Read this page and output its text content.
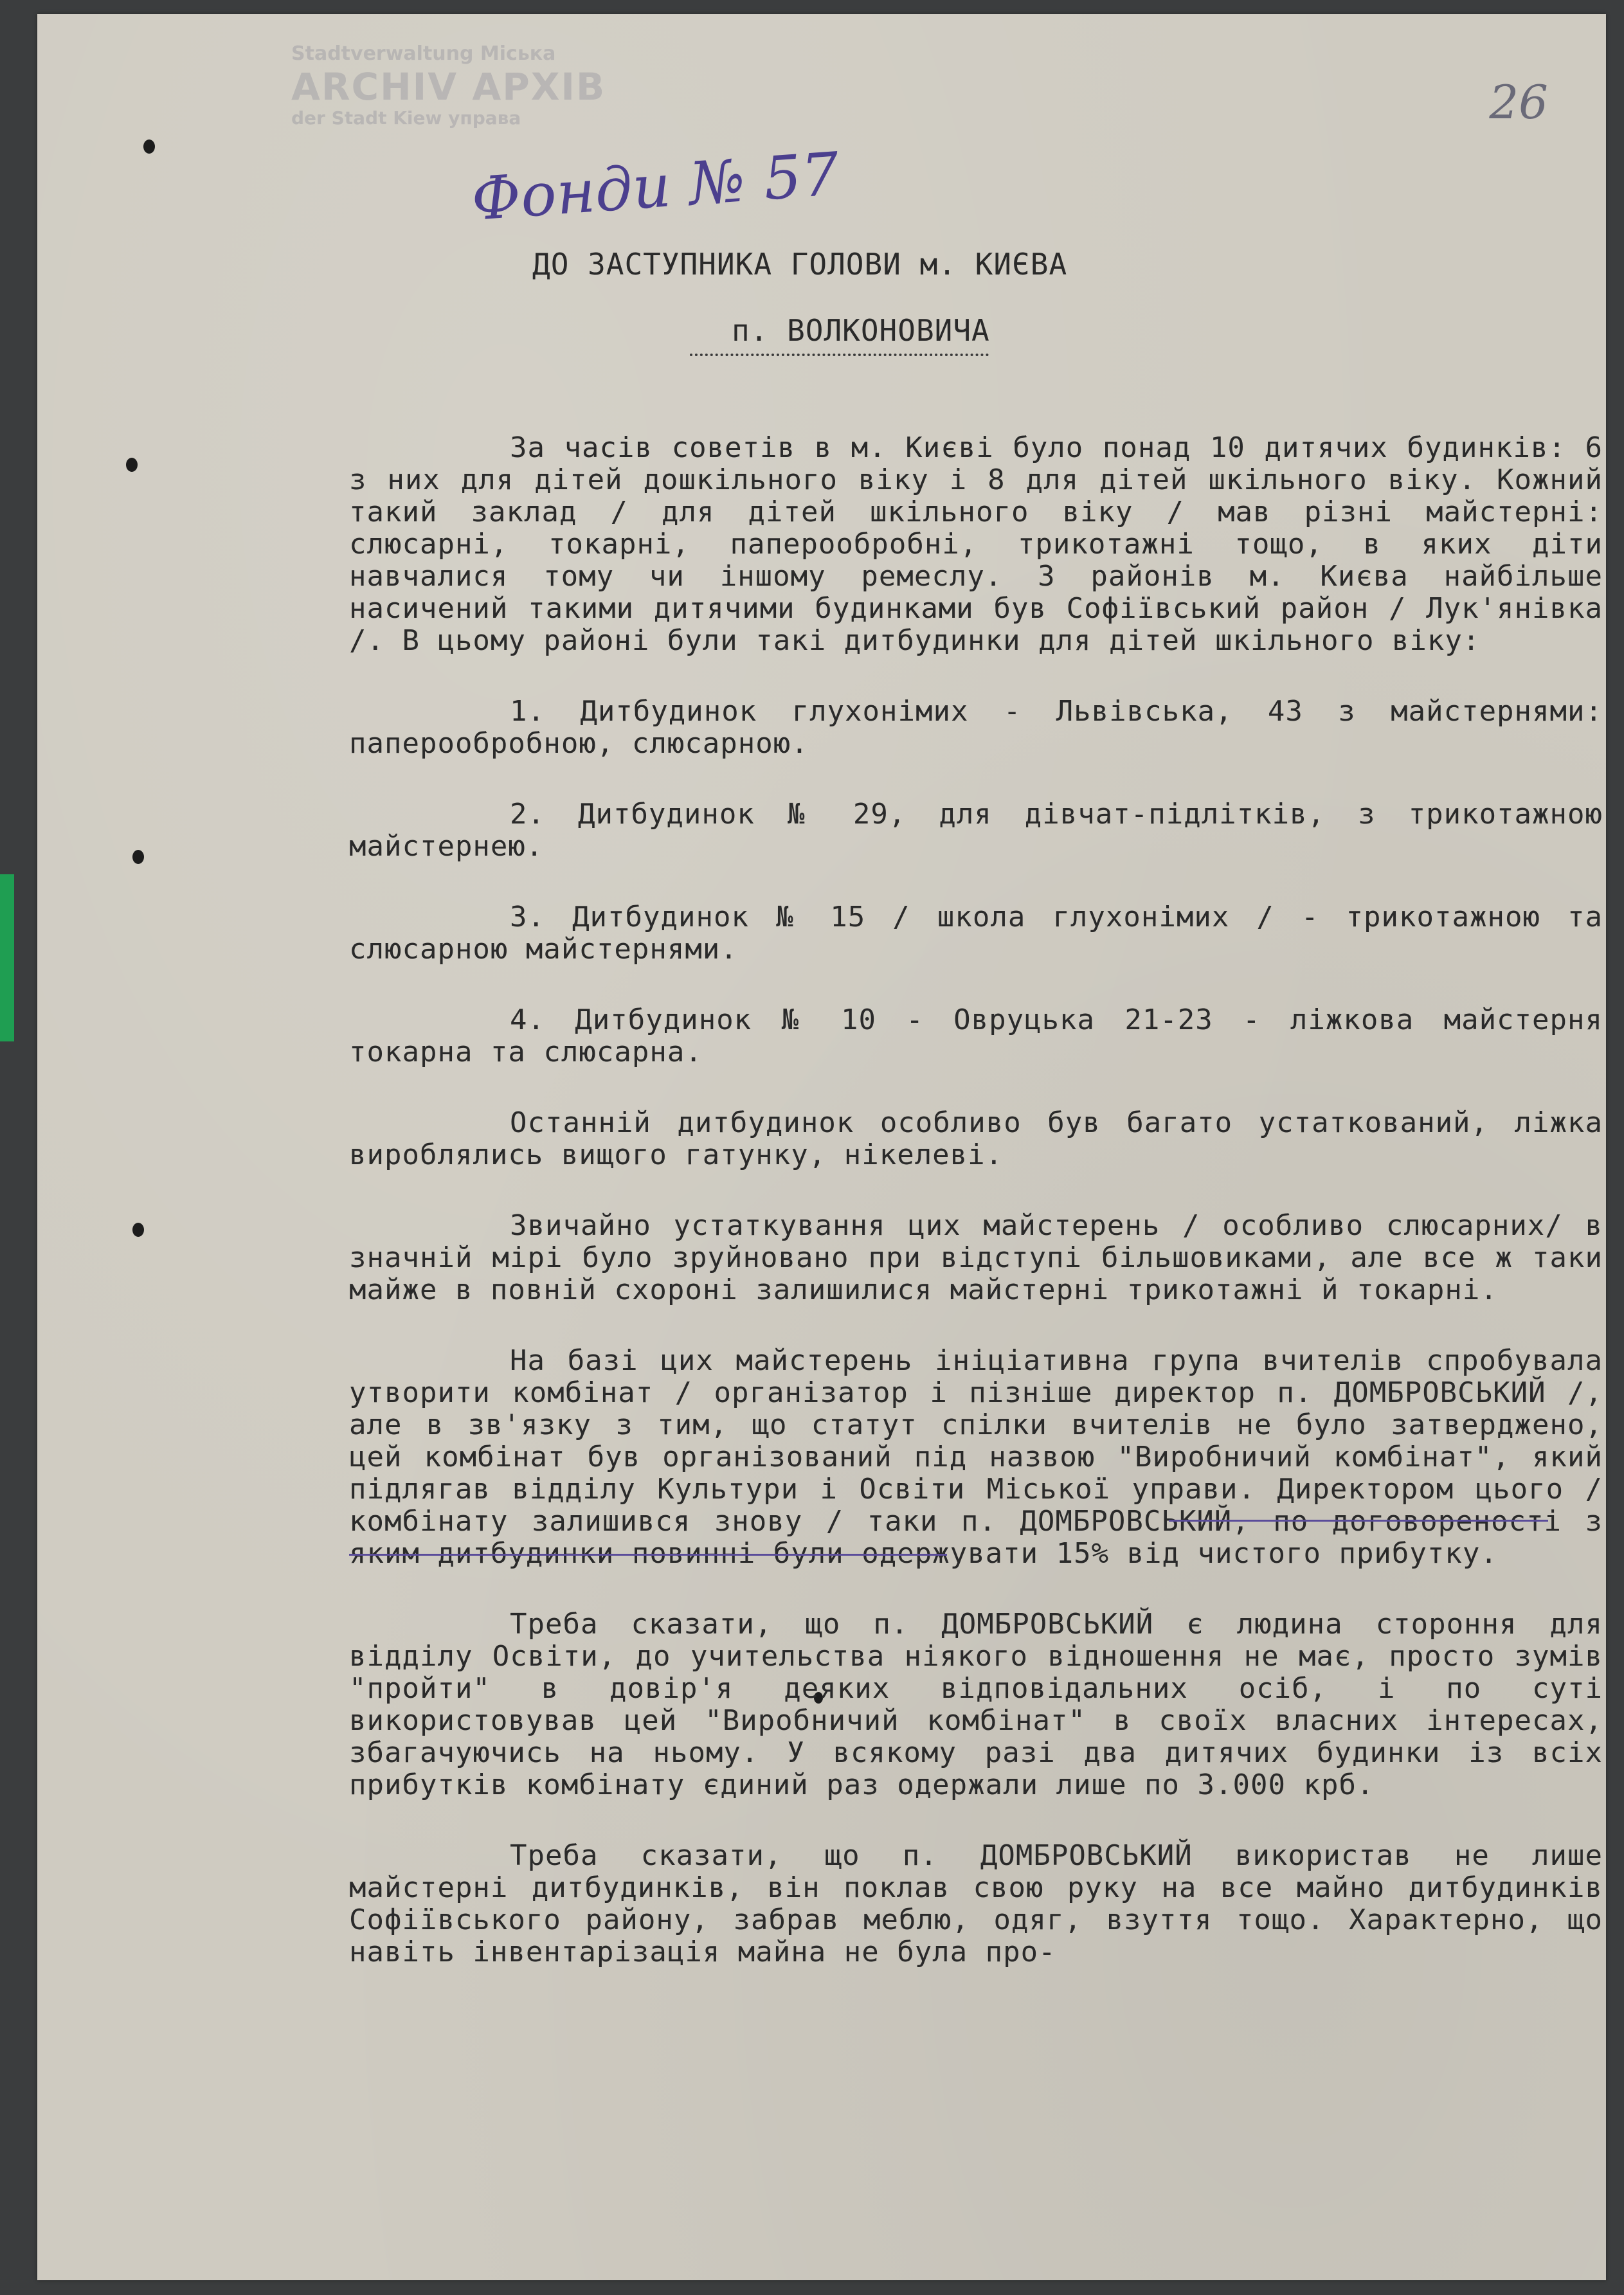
Stadtverwaltung Міська
ARCHIV АРХІВ
der Stadt Kiew управа	26
Фонди № 57
ДО ЗАСТУПНИКА ГОЛОВИ м. КИЄВА
п. ВОЛКОНОВИЧА

За часів советів в м. Києві було понад 10 дитячих будинків: 6 з них для дітей дошкільного віку і 8 для дітей шкільного віку. Кожний такий заклад / для дітей шкільного віку / мав різні майстерні: слюсарні, токарні, паперообробні, трикотажні тощо, в яких діти навчалися тому чи іншому ремеслу. З районів м. Києва найбільше насичений такими дитячими будинками був Софіївський район / Лук'янівка /. В цьому районі були такі дитбудинки для дітей шкільного віку:

1. Дитбудинок глухонімих - Львівська, 43 з майстернями: паперообробною, слюсарною.

2. Дитбудинок № 29, для дівчат-підлітків, з трикотажною майстернею.

3. Дитбудинок № 15 / школа глухонімих / - трикотажною та слюсарною майстернями.

4. Дитбудинок № 10 - Овруцька 21-23 - ліжкова майстерня токарна та слюсарна.

Останній дитбудинок особливо був багато устаткований, ліжка вироблялись вищого гатунку, нікелеві.

Звичайно устаткування цих майстерень / особливо слюсарних/ в значній мірі було зруйновано при відступі більшовиками, але все ж таки майже в повній схороні залишилися майстерні трикотажні й токарні.

На базі цих майстерень ініціативна група вчителів спробувала утворити комбінат / організатор і пізніше директор п. ДОМБРОВСЬКИЙ /, але в зв'язку з тим, що статут спілки вчителів не було затверджено, цей комбінат був організований під назвою "Виробничий комбінат", який підлягав відділу Культури і Освіти Міської управи. Директором цього / комбінату залишився знову / таки п. ДОМБРОВСЬКИЙ, по договореності з яким дитбудинки повинні були одержувати 15% від чистого прибутку.

Треба сказати, що п. ДОМБРОВСЬКИЙ є людина стороння для відділу Освіти, до учительства ніякого відношення не має, просто зумів "пройти" в довір'я деяких відповідальних осіб, і по суті використовував цей "Виробничий комбінат" в своїх власних інтересах, збагачуючись на ньому. У всякому разі два дитячих будинки із всіх прибутків комбінату єдиний раз одержали лише по 3.000 крб.

Треба сказати, що п. ДОМБРОВСЬКИЙ використав не лише майстерні дитбудинків, він поклав свою руку на все майно дитбудинків Софіївського району, забрав меблю, одяг, взуття тощо. Характерно, що навіть інвентарізація майна не була про-
